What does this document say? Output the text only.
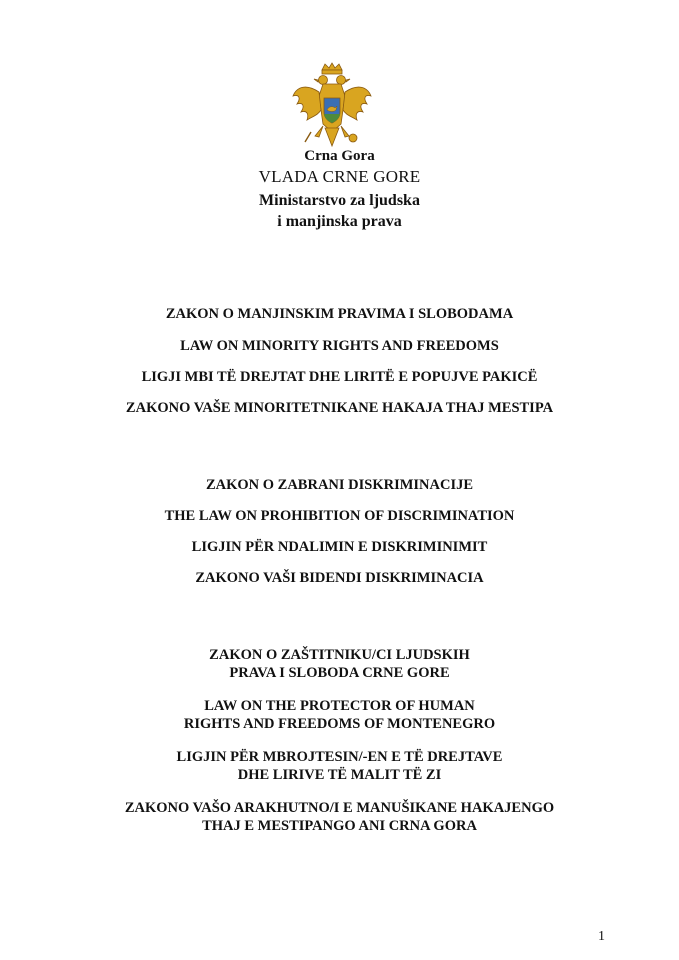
Crna Gora
VLADA CRNE GORE
Ministarstvo za ljudska
i manjinska prava
ZAKON O MANJINSKIM PRAVIMA I SLOBODAMA
LAW ON MINORITY RIGHTS AND FREEDOMS
LIGJI MBI TË DREJTAT DHE LIRITË E POPUJVE PAKICË
ZAKONO VAŠE MINORITETNIKANE HAKAJA THAJ MESTIPA
ZAKON O ZABRANI DISKRIMINACIJE
THE LAW ON PROHIBITION OF DISCRIMINATION
LIGJIN PËR NDALIMIN E DISKRIMINIMIT
ZAKONO VAŠI BIDENDI DISKRIMINACIA
ZAKON O ZAŠTITNIKU/CI LJUDSKIH
PRAVA I SLOBODA CRNE GORE
LAW ON THE PROTECTOR OF HUMAN
RIGHTS AND FREEDOMS OF MONTENEGRO
LIGJIN PËR MBROJTESIN/-EN E TË DREJTAVE
DHE LIRIVE TË MALIT TË ZI
ZAKONO VAŠO ARAKHUTNO/I E MANUŠIKANE HAKAJENGO
THAJ E MESTIPANGO ANI CRNA GORA
1
